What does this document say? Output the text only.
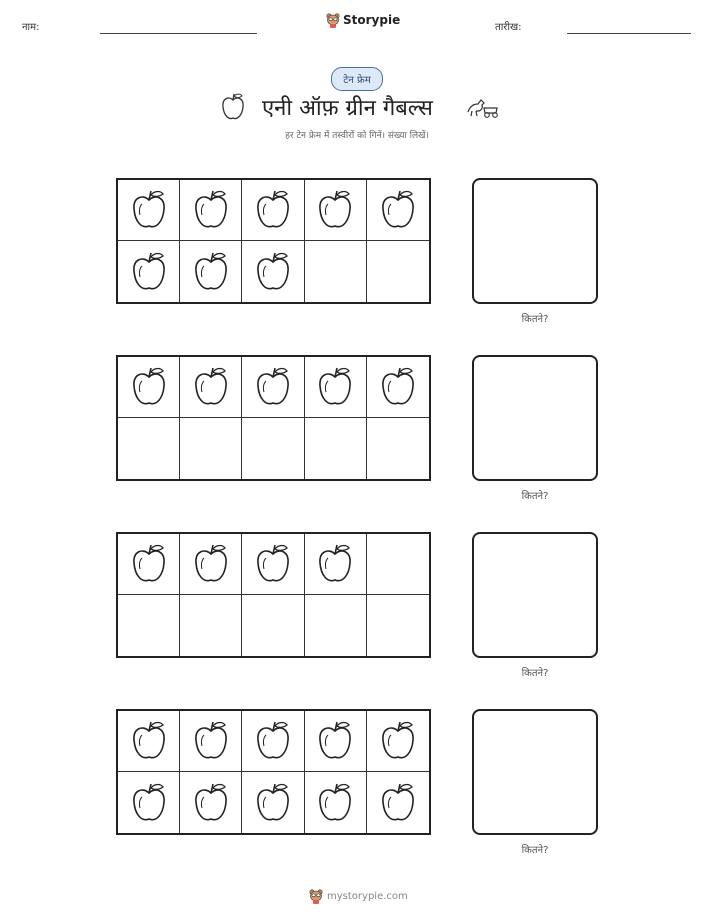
नाम:
Storypie
तारीख:
टेन फ्रेम
एनी ऑफ़ ग्रीन गैबल्स
हर टेन फ्रेम में तस्वीरों को गिनें। संख्या लिखें।
कितने?
कितने?
कितने?
कितने?
mystorypie.com
